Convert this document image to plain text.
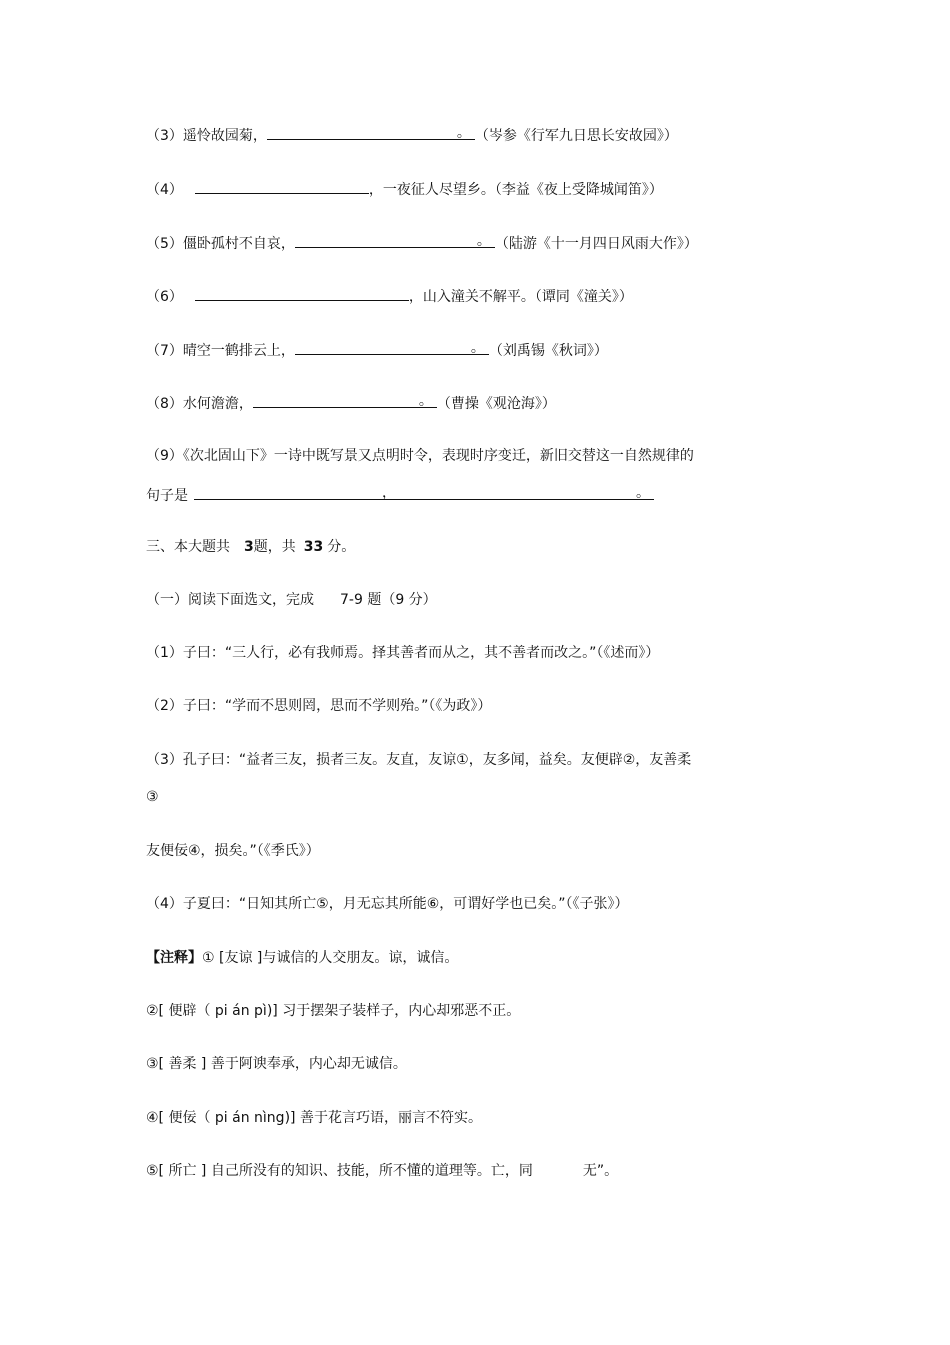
（3）遥怜故园菊，	。 （岑参《行军九日思长安故园》）
（4）	，一夜征人尽望乡。（李益《夜上受降城闻笛》）
（5）僵卧孤村不自哀，	。 （陆游《十一月四日风雨大作》）
（6）	，山入潼关不解平。（谭同《潼关》）
（7）晴空一鹤排云上，	。 （刘禹锡《秋词》）
（8）水何澹澹，	。 （曹操《观沧海》）
（9）《次北固山下》一诗中既写景又点明时令，表现时序变迁，新旧交替这一自然规律的
句子是	，	。
三、本大题共 3题，共 33 分。
（一）阅读下面选文，完成 7-9 题（9 分）
（1）子曰：“三人行，必有我师焉。择其善者而从之，其不善者而改之。”（《述而》）
（2）子曰：“学而不思则罔，思而不学则殆。”（《为政》）
（3）孔子曰：“益者三友，损者三友。友直，友谅①，友多闻，益矣。友便辟②，友善柔
③
友便佞④，损矣。”（《季氏》）
（4）子夏曰：“日知其所亡⑤，月无忘其所能⑥，可谓好学也已矣。”（《子张》）
【注释】① [友谅 ]与诚信的人交朋友。谅，诚信。
②[ 便辟（ pi án pì)] 习于摆架子装样子，内心却邪恶不正。
③[ 善柔 ] 善于阿谀奉承，内心却无诚信。
④[ 便佞（ pi án nìng)] 善于花言巧语，丽言不符实。
⑤[ 所亡 ] 自己所没有的知识、技能，所不懂的道理等。亡，同	无”。
